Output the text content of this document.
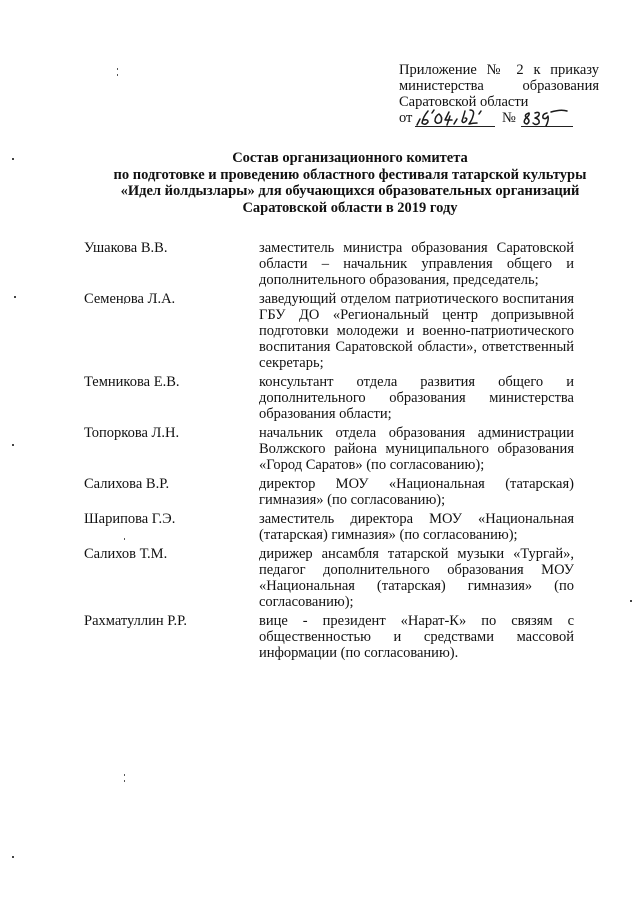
Приложение № 2 к приказу
министерства образования
Саратовской области
от	№
Состав организационного комитета
по подготовке и проведению областного фестиваля татарской культуры
«Идел йолдызлары» для обучающихся образовательных организаций
Саратовской области в 2019 году
Ушакова В.В.	заместитель министра образования Саратовской области – начальник управления общего и дополнительного образования, председатель;
Семенова Л.А.	заведующий отделом патриотического воспитания ГБУ ДО «Региональный центр допризывной подготовки молодежи и военно-патриотического воспитания Саратовской области», ответственный секретарь;
Темникова Е.В.	консультант отдела развития общего и дополнительного образования министерства образования области;
Топоркова Л.Н.	начальник отдела образования администрации Волжского района муниципального образования «Город Саратов» (по согласованию);
Салихова В.Р.	директор МОУ «Национальная (татарская) гимназия» (по согласованию);
Шарипова Г.Э.	заместитель директора МОУ «Национальная (татарская) гимназия» (по согласованию);
Салихов Т.М.	дирижер ансамбля татарской музыки «Тургай», педагог дополнительного образования МОУ «Национальная (татарская) гимназия» (по согласованию);
Рахматуллин Р.Р.	вице - президент «Нарат-К» по связям с общественностью и средствами массовой информации (по согласованию).
